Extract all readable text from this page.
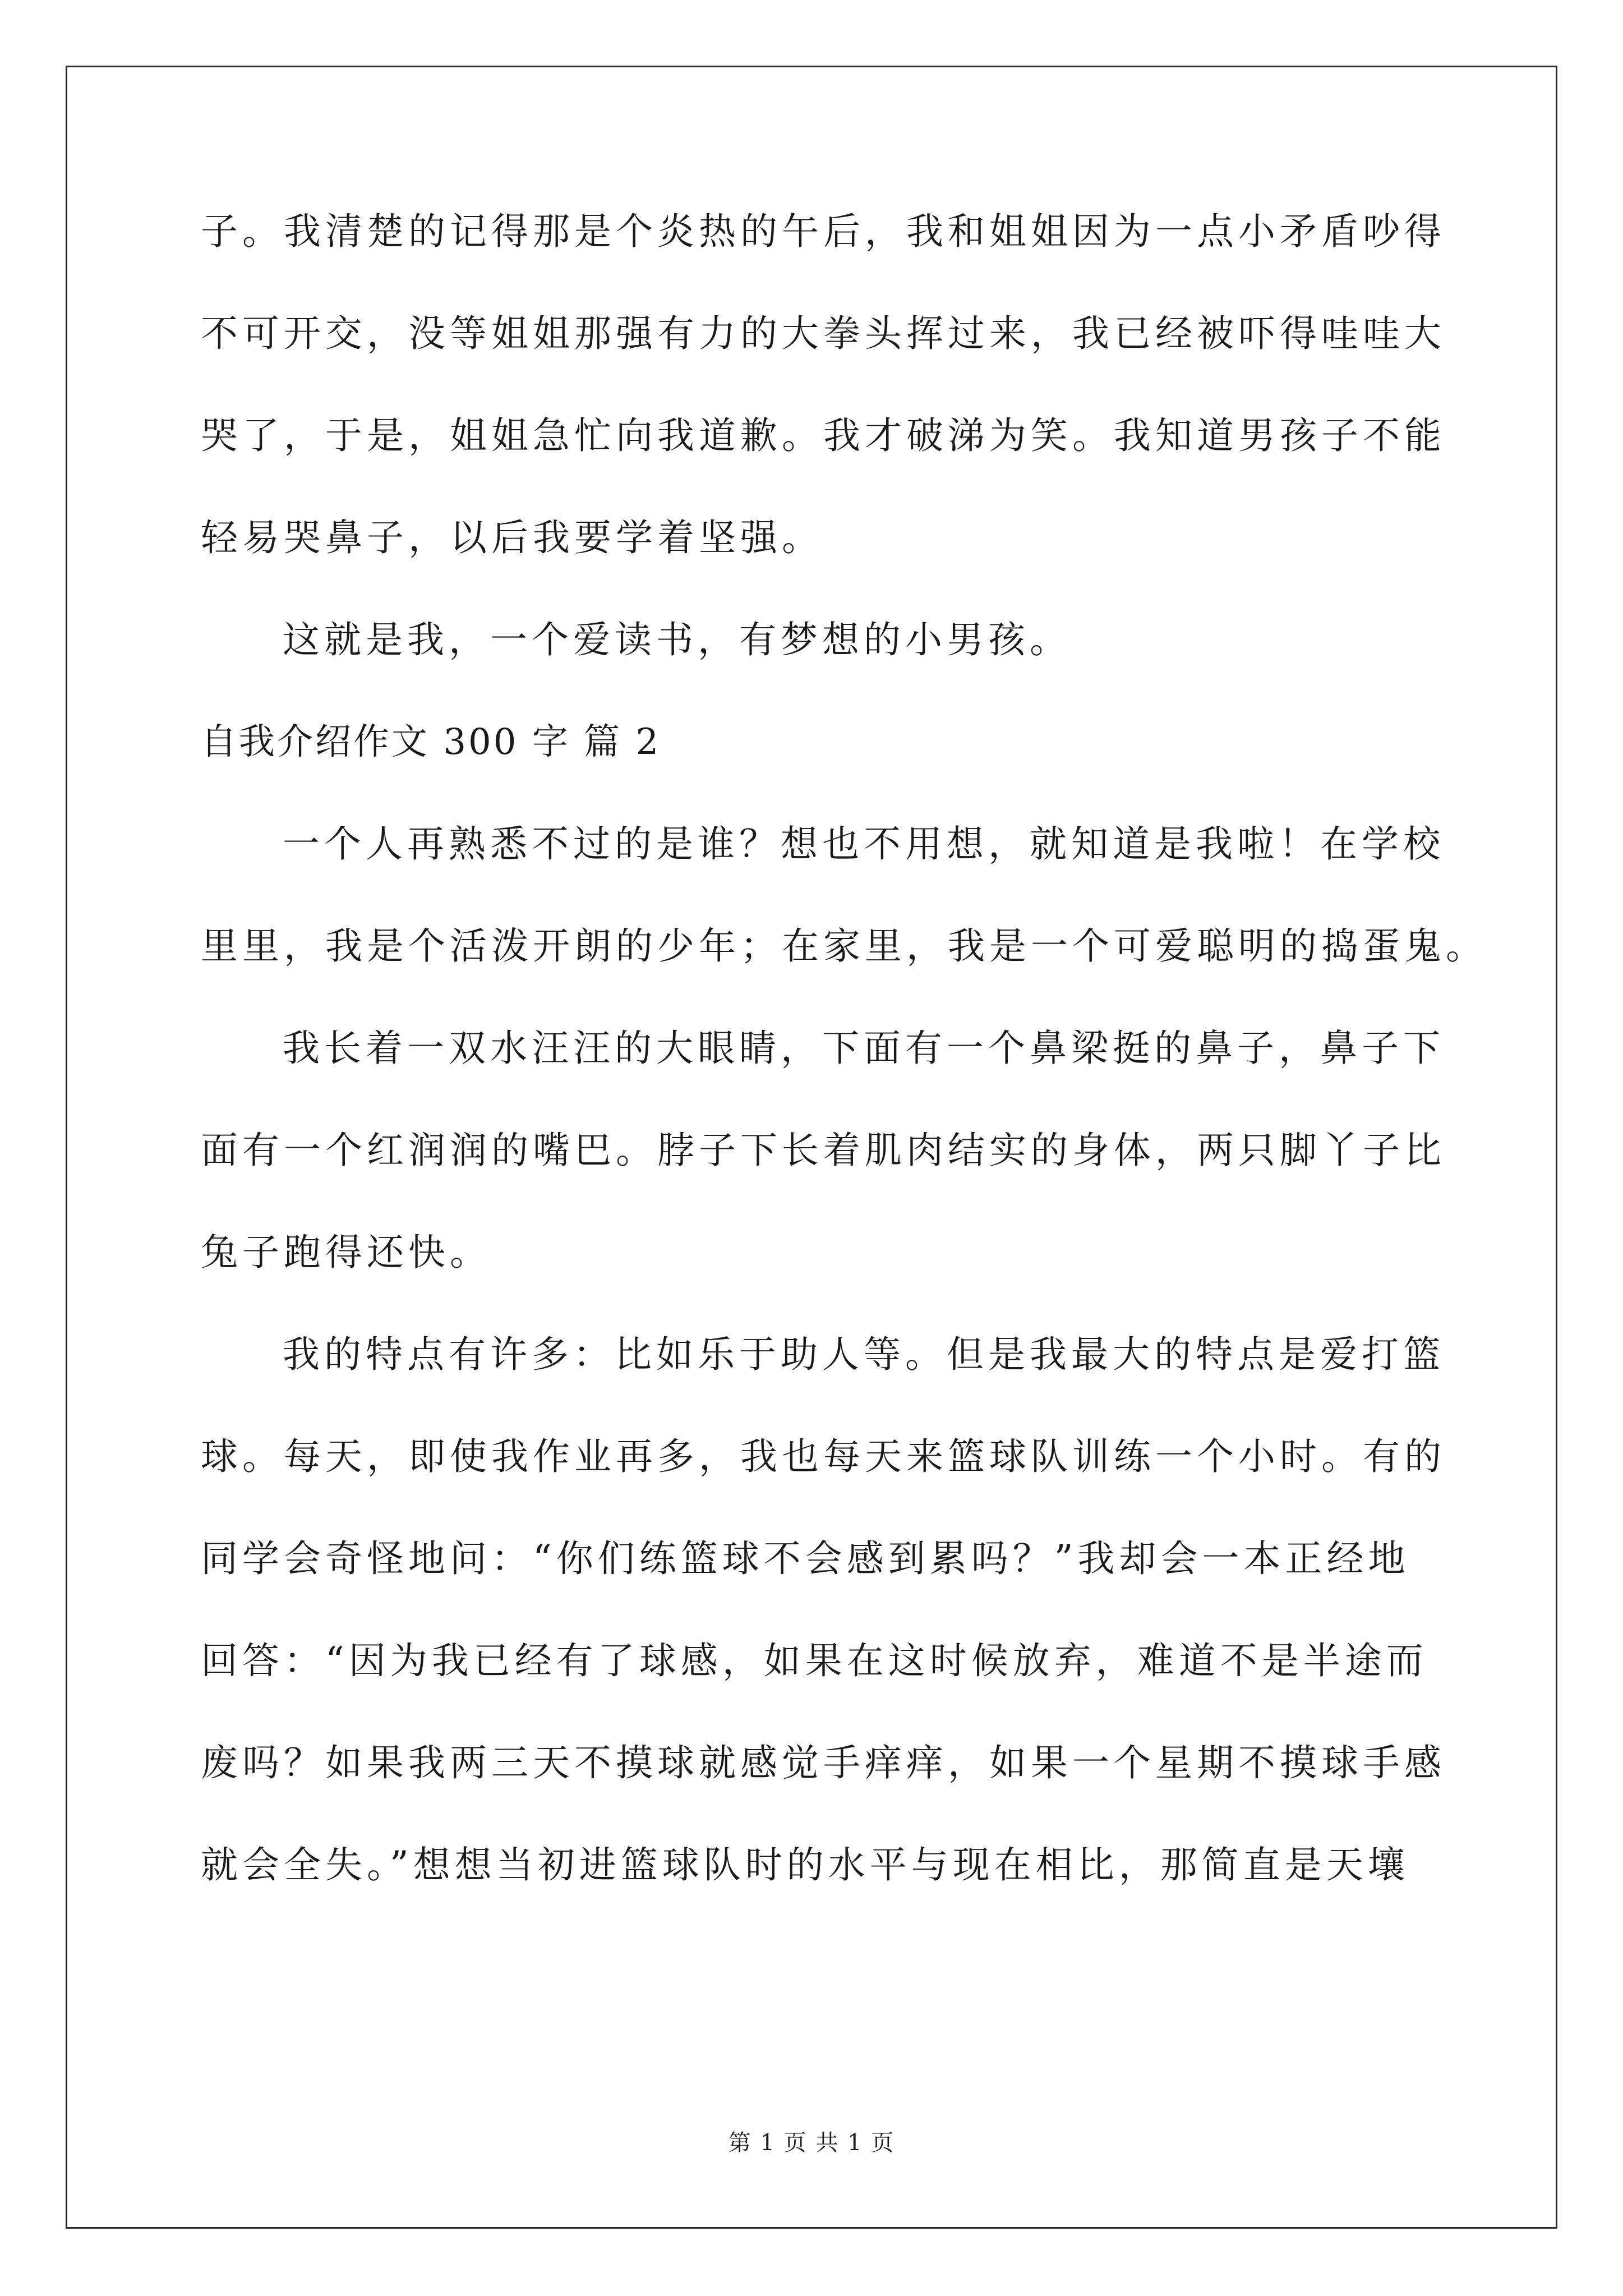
子。我清楚的记得那是个炎热的午后，我和姐姐因为一点小矛盾吵得
不可开交，没等姐姐那强有力的大拳头挥过来，我已经被吓得哇哇大
哭了，于是，姐姐急忙向我道歉。我才破涕为笑。我知道男孩子不能
轻易哭鼻子，以后我要学着坚强。
这就是我，一个爱读书，有梦想的小男孩。
自我介绍作文 300 字 篇 2
一个人再熟悉不过的是谁？想也不用想，就知道是我啦！在学校
里里，我是个活泼开朗的少年；在家里，我是一个可爱聪明的捣蛋鬼。
我长着一双水汪汪的大眼睛，下面有一个鼻梁挺的鼻子，鼻子下
面有一个红润润的嘴巴。脖子下长着肌肉结实的身体，两只脚丫子比
兔子跑得还快。
我的特点有许多：比如乐于助人等。但是我最大的特点是爱打篮
球。每天，即使我作业再多，我也每天来篮球队训练一个小时。有的
同学会奇怪地问：“你们练篮球不会感到累吗？”我却会一本正经地
回答：“因为我已经有了球感，如果在这时候放弃，难道不是半途而
废吗？如果我两三天不摸球就感觉手痒痒，如果一个星期不摸球手感
就会全失。”想想当初进篮球队时的水平与现在相比，那简直是天壤
第 1 页 共 1 页
